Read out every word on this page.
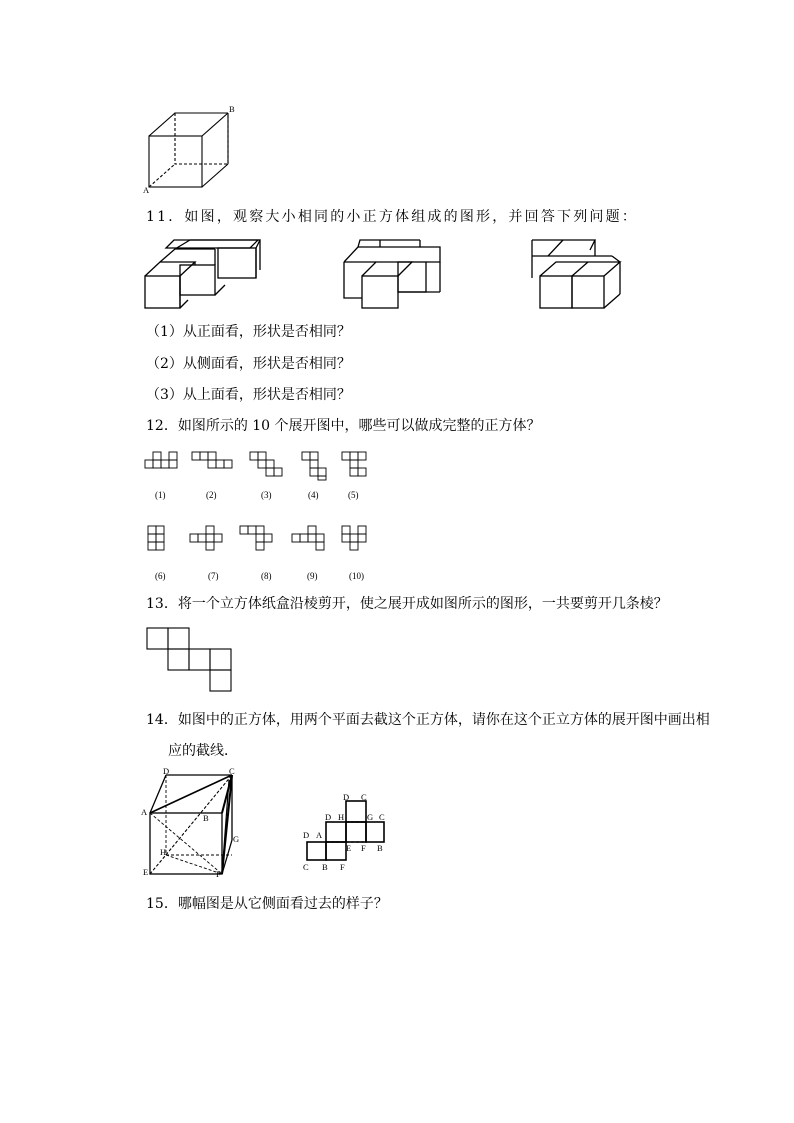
B
A
11．如图，观察大小相同的小正方体组成的图形，并回答下列问题：
（1）从正面看，形状是否相同？
（2）从侧面看，形状是否相同？
（3）从上面看，形状是否相同？
12．如图所示的 10 个展开图中，哪些可以做成完整的正方体？
(1)	(2)	(3)	(4)	(5)
(6)	(7)	(8)	(9)	(10)
13．将一个立方体纸盒沿棱剪开，使之展开成如图所示的图形，一共要剪开几条棱？
14．如图中的正方体，用两个平面去截这个正方体，请你在这个正立方体的展开图中画出相
应的截线．
D	C
A
B
G
H
E	F
D C
D H	G C
D A
E F B
C B F
15．哪幅图是从它侧面看过去的样子？
